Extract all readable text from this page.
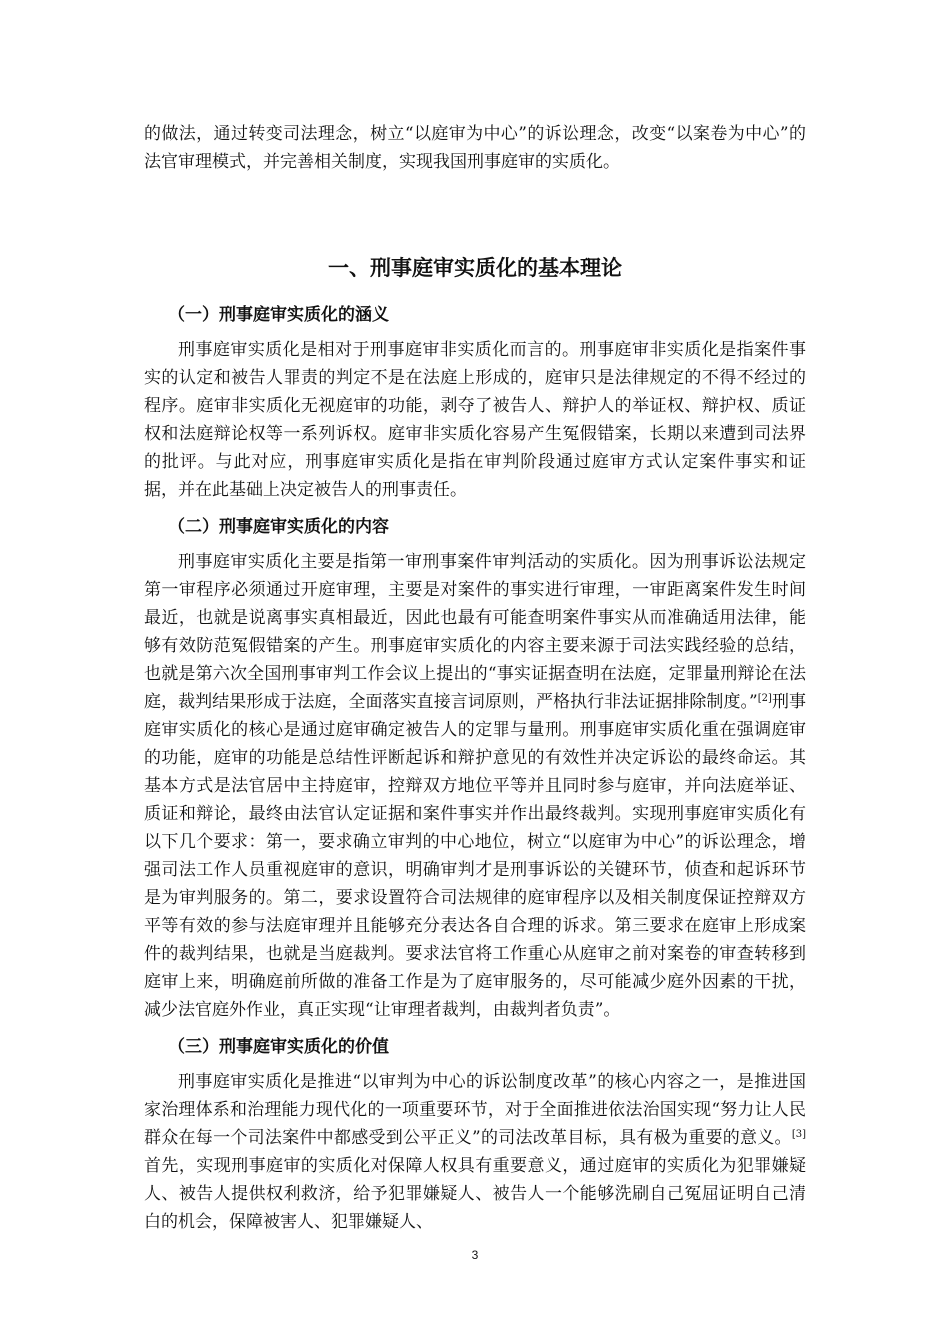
的做法，通过转变司法理念，树立“以庭审为中心”的诉讼理念，改变“以案卷为中心”的法官审理模式，并完善相关制度，实现我国刑事庭审的实质化。

一、刑事庭审实质化的基本理论
（一）刑事庭审实质化的涵义

刑事庭审实质化是相对于刑事庭审非实质化而言的。刑事庭审非实质化是指案件事实的认定和被告人罪责的判定不是在法庭上形成的，庭审只是法律规定的不得不经过的程序。庭审非实质化无视庭审的功能，剥夺了被告人、辩护人的举证权、辩护权、质证权和法庭辩论权等一系列诉权。庭审非实质化容易产生冤假错案，长期以来遭到司法界的批评。与此对应，刑事庭审实质化是指在审判阶段通过庭审方式认定案件事实和证据，并在此基础上决定被告人的刑事责任。

（二）刑事庭审实质化的内容

刑事庭审实质化主要是指第一审刑事案件审判活动的实质化。因为刑事诉讼法规定第一审程序必须通过开庭审理，主要是对案件的事实进行审理，一审距离案件发生时间最近，也就是说离事实真相最近，因此也最有可能查明案件事实从而准确适用法律，能够有效防范冤假错案的产生。刑事庭审实质化的内容主要来源于司法实践经验的总结，也就是第六次全国刑事审判工作会议上提出的“事实证据查明在法庭，定罪量刑辩论在法庭，裁判结果形成于法庭，全面落实直接言词原则，严格执行非法证据排除制度。”[2]刑事庭审实质化的核心是通过庭审确定被告人的定罪与量刑。刑事庭审实质化重在强调庭审的功能，庭审的功能是总结性评断起诉和辩护意见的有效性并决定诉讼的最终命运。其基本方式是法官居中主持庭审，控辩双方地位平等并且同时参与庭审，并向法庭举证、质证和辩论，最终由法官认定证据和案件事实并作出最终裁判。实现刑事庭审实质化有以下几个要求：第一，要求确立审判的中心地位，树立“以庭审为中心”的诉讼理念，增强司法工作人员重视庭审的意识，明确审判才是刑事诉讼的关键环节，侦查和起诉环节是为审判服务的。第二，要求设置符合司法规律的庭审程序以及相关制度保证控辩双方平等有效的参与法庭审理并且能够充分表达各自合理的诉求。第三要求在庭审上形成案件的裁判结果，也就是当庭裁判。要求法官将工作重心从庭审之前对案卷的审查转移到庭审上来，明确庭前所做的准备工作是为了庭审服务的，尽可能减少庭外因素的干扰，减少法官庭外作业，真正实现“让审理者裁判，由裁判者负责”。

（三）刑事庭审实质化的价值

刑事庭审实质化是推进“以审判为中心的诉讼制度改革”的核心内容之一，是推进国家治理体系和治理能力现代化的一项重要环节，对于全面推进依法治国实现“努力让人民群众在每一个司法案件中都感受到公平正义”的司法改革目标，具有极为重要的意义。[3]首先，实现刑事庭审的实质化对保障人权具有重要意义，通过庭审的实质化为犯罪嫌疑人、被告人提供权利救济，给予犯罪嫌疑人、被告人一个能够洗刷自己冤屈证明自己清白的机会，保障被害人、犯罪嫌疑人、

3
